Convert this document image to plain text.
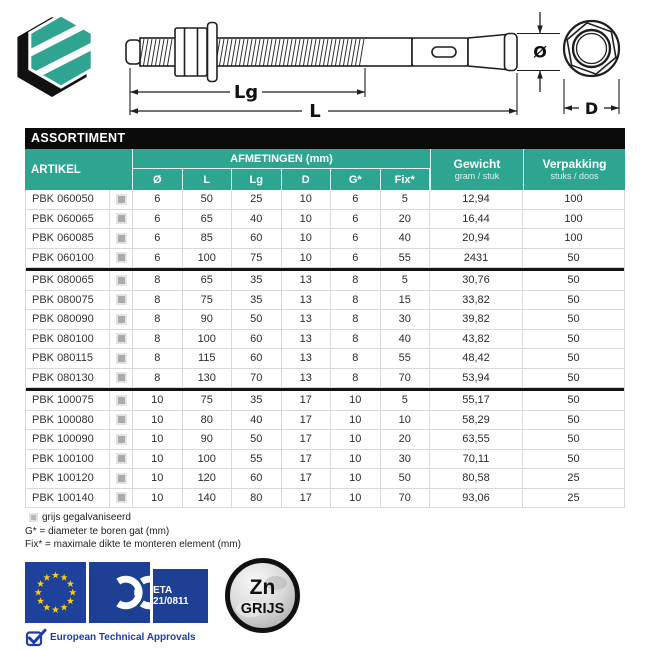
Ø
Lg
L	D
ASSORTIMENT
ARTIKEL
AFMETINGEN (mm)
Ø	L	Lg	D	G*	Fix*
Gewicht
gram / stuk
Verpakking
stuks / doos
PBK 060050	6	50	25	10	6	5	12,94	100
PBK 060065	6	65	40	10	6	20	16,44	100
PBK 060085	6	85	60	10	6	40	20,94	100
PBK 060100	6	100	75	10	6	55	2431	50
PBK 080065	8	65	35	13	8	5	30,76	50
PBK 080075	8	75	35	13	8	15	33,82	50
PBK 080090	8	90	50	13	8	30	39,82	50
PBK 080100	8	100	60	13	8	40	43,82	50
PBK 080115	8	115	60	13	8	55	48,42	50
PBK 080130	8	130	70	13	8	70	53,94	50
PBK 100075	10	75	35	17	10	5	55,17	50
PBK 100080	10	80	40	17	10	10	58,29	50
PBK 100090	10	90	50	17	10	20	63,55	50
PBK 100100	10	100	55	17	10	30	70,11	50
PBK 100120	10	120	60	17	10	50	80,58	25
PBK 100140	10	140	80	17	10	70	93,06	25
grijs gegalvaniseerd
G* = diameter te boren gat (mm)
Fix* = maximale dikte te monteren element (mm)
ETA 21/0811
Zn
GRIJS
European Technical Approvals
